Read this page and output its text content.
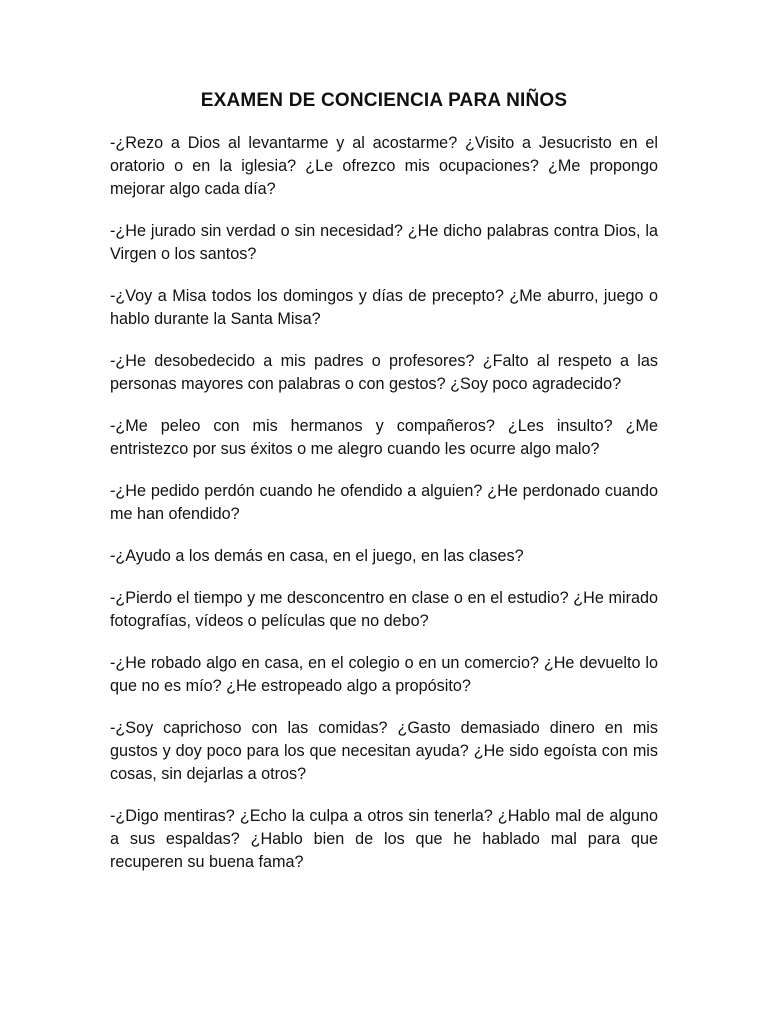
EXAMEN DE CONCIENCIA PARA NIÑOS

-¿Rezo a Dios al levantarme y al acostarme? ¿Visito a Jesucristo en el oratorio o en la iglesia? ¿Le ofrezco mis ocupaciones? ¿Me propongo mejorar algo cada día?

-¿He jurado sin verdad o sin necesidad? ¿He dicho palabras contra Dios, la Virgen o los santos?

-¿Voy a Misa todos los domingos y días de precepto? ¿Me aburro, juego o hablo durante la Santa Misa?

-¿He desobedecido a mis padres o profesores? ¿Falto al respeto a las personas mayores con palabras o con gestos? ¿Soy poco agradecido?

-¿Me peleo con mis hermanos y compañeros? ¿Les insulto? ¿Me entristezco por sus éxitos o me alegro cuando les ocurre algo malo?

-¿He pedido perdón cuando he ofendido a alguien? ¿He perdonado cuando me han ofendido?

-¿Ayudo a los demás en casa, en el juego, en las clases?

-¿Pierdo el tiempo y me desconcentro en clase o en el estudio? ¿He mirado fotografías, vídeos o películas que no debo?

-¿He robado algo en casa, en el colegio o en un comercio? ¿He devuelto lo que no es mío? ¿He estropeado algo a propósito?

-¿Soy caprichoso con las comidas? ¿Gasto demasiado dinero en mis gustos y doy poco para los que necesitan ayuda? ¿He sido egoísta con mis cosas, sin dejarlas a otros?

-¿Digo mentiras? ¿Echo la culpa a otros sin tenerla? ¿Hablo mal de alguno a sus espaldas? ¿Hablo bien de los que he hablado mal para que recuperen su buena fama?
